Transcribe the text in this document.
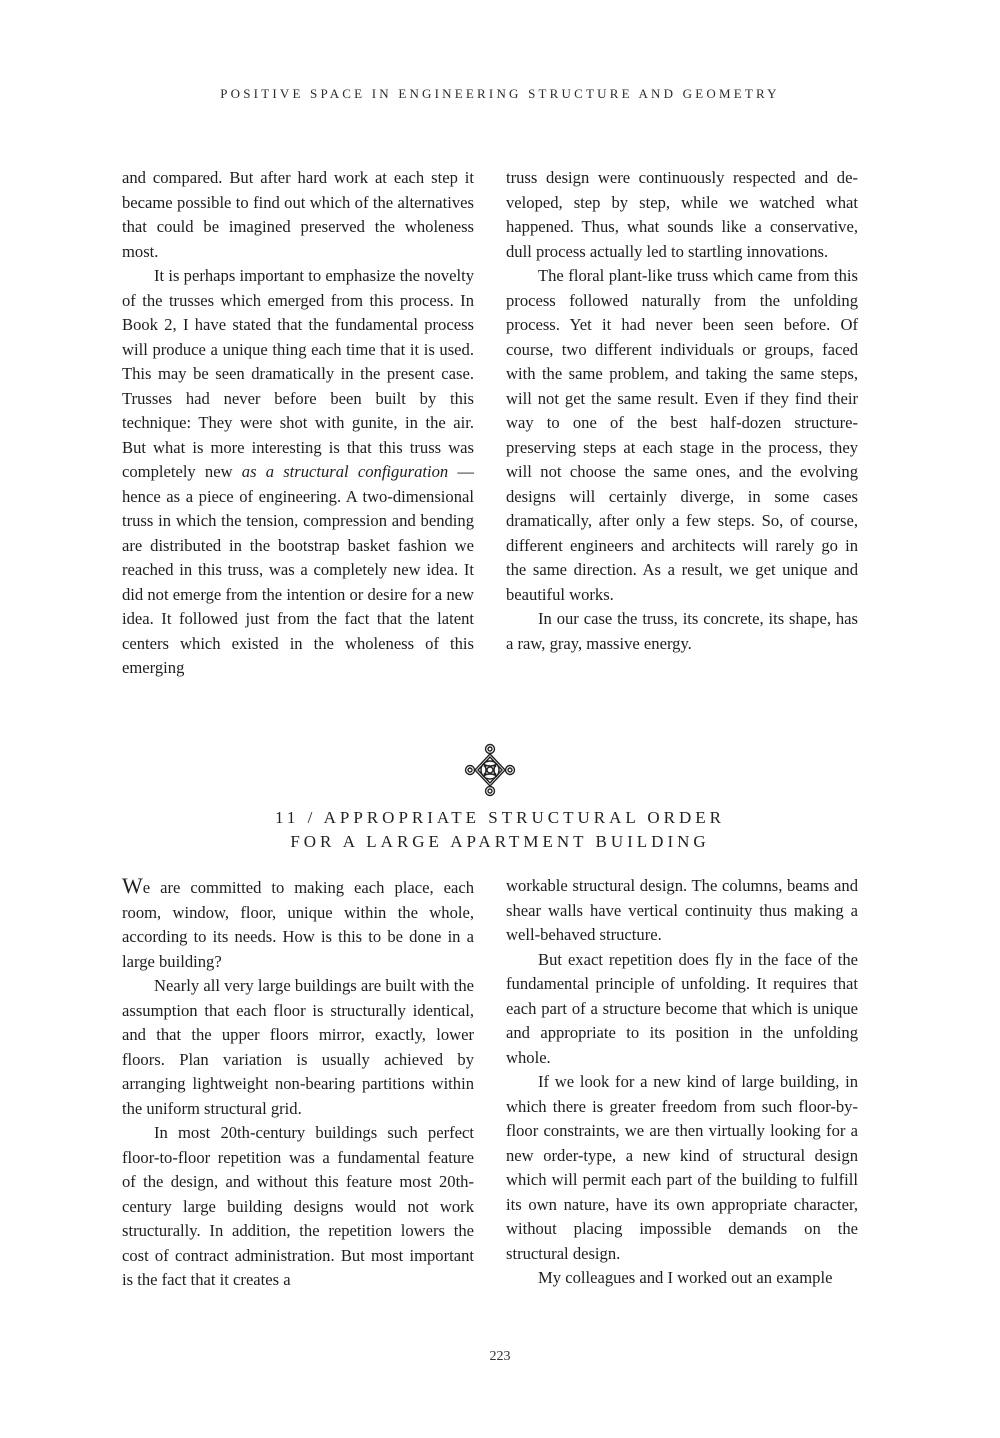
POSITIVE SPACE IN ENGINEERING STRUCTURE AND GEOMETRY

and compared. But after hard work at each step it became possible to find out which of the alternatives that could be imagined preserved the wholeness most.

It is perhaps important to emphasize the novelty of the trusses which emerged from this process. In Book 2, I have stated that the fundamental process will produce a unique thing each time that it is used. This may be seen dramatically in the present case. Trusses had never before been built by this technique: They were shot with gunite, in the air. But what is more interesting is that this truss was completely new as a structural configuration — hence as a piece of engineering. A two-dimensional truss in which the tension, compression and bending are distributed in the bootstrap basket fashion we reached in this truss, was a completely new idea. It did not emerge from the intention or desire for a new idea. It followed just from the fact that the latent centers which existed in the wholeness of this emerging

truss design were continuously respected and developed, step by step, while we watched what happened. Thus, what sounds like a conservative, dull process actually led to startling innovations.

The floral plant-like truss which came from this process followed naturally from the unfolding process. Yet it had never been seen before. Of course, two different individuals or groups, faced with the same problem, and taking the same steps, will not get the same result. Even if they find their way to one of the best half-dozen structure-preserving steps at each stage in the process, they will not choose the same ones, and the evolving designs will certainly diverge, in some cases dramatically, after only a few steps. So, of course, different engineers and architects will rarely go in the same direction. As a result, we get unique and beautiful works.

In our case the truss, its concrete, its shape, has a raw, gray, massive energy.

11 / APPROPRIATE STRUCTURAL ORDER
FOR A LARGE APARTMENT BUILDING

We are committed to making each place, each room, window, floor, unique within the whole, according to its needs. How is this to be done in a large building?

Nearly all very large buildings are built with the assumption that each floor is structurally identical, and that the upper floors mirror, exactly, lower floors. Plan variation is usually achieved by arranging lightweight non-bearing partitions within the uniform structural grid.

In most 20th-century buildings such perfect floor-to-floor repetition was a fundamental feature of the design, and without this feature most 20th-century large building designs would not work structurally. In addition, the repetition lowers the cost of contract administration. But most important is the fact that it creates a

workable structural design. The columns, beams and shear walls have vertical continuity thus making a well-behaved structure.

But exact repetition does fly in the face of the fundamental principle of unfolding. It requires that each part of a structure become that which is unique and appropriate to its position in the unfolding whole.

If we look for a new kind of large building, in which there is greater freedom from such floor-by-floor constraints, we are then virtually looking for a new order-type, a new kind of structural design which will permit each part of the building to fulfill its own nature, have its own appropriate character, without placing impossible demands on the structural design.

My colleagues and I worked out an example

223
